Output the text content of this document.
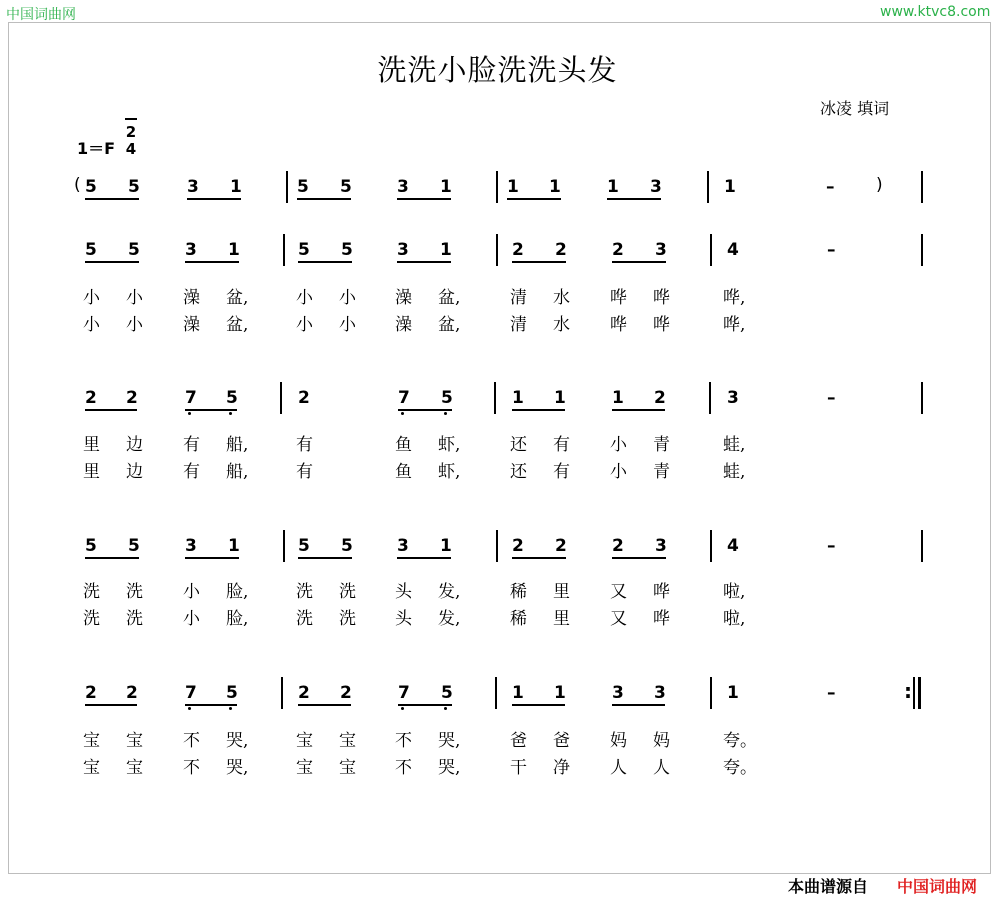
中国词曲网	www.ktvc8.com
洗洗小脸洗洗头发
冰凌 填词
1＝F
2
4
( 5 5	3 1	5 5	3 1	1 1	1 3	1	– )
5 5	3 1	5 5	3 1	2 2	2 3	4	–
小 小 澡 盆,	小 小 澡 盆,	清 水 哗 哗	哗,
小 小 澡 盆,	小 小 澡 盆,	清 水 哗 哗	哗,
2 2	7 5	2	7 5	1 1	1 2	3	–
里 边 有 船,	有	鱼 虾,	还 有 小 青	蛙,
里 边 有 船,	有	鱼 虾,	还 有 小 青	蛙,
5 5	3 1	5 5	3 1	2 2	2 3	4	–
洗 洗 小 脸,	洗 洗 头 发,	稀 里 又 哗	啦,
洗 洗 小 脸,	洗 洗 头 发,	稀 里 又 哗	啦,
2 2	7 5	2 2	7 5	1 1	3 3	1	–	:
宝 宝 不 哭,	宝 宝 不 哭,	爸 爸 妈 妈	夸。
宝 宝 不 哭,	宝 宝 不 哭,	干 净 人 人	夸。
本曲谱源自 中国词曲网
